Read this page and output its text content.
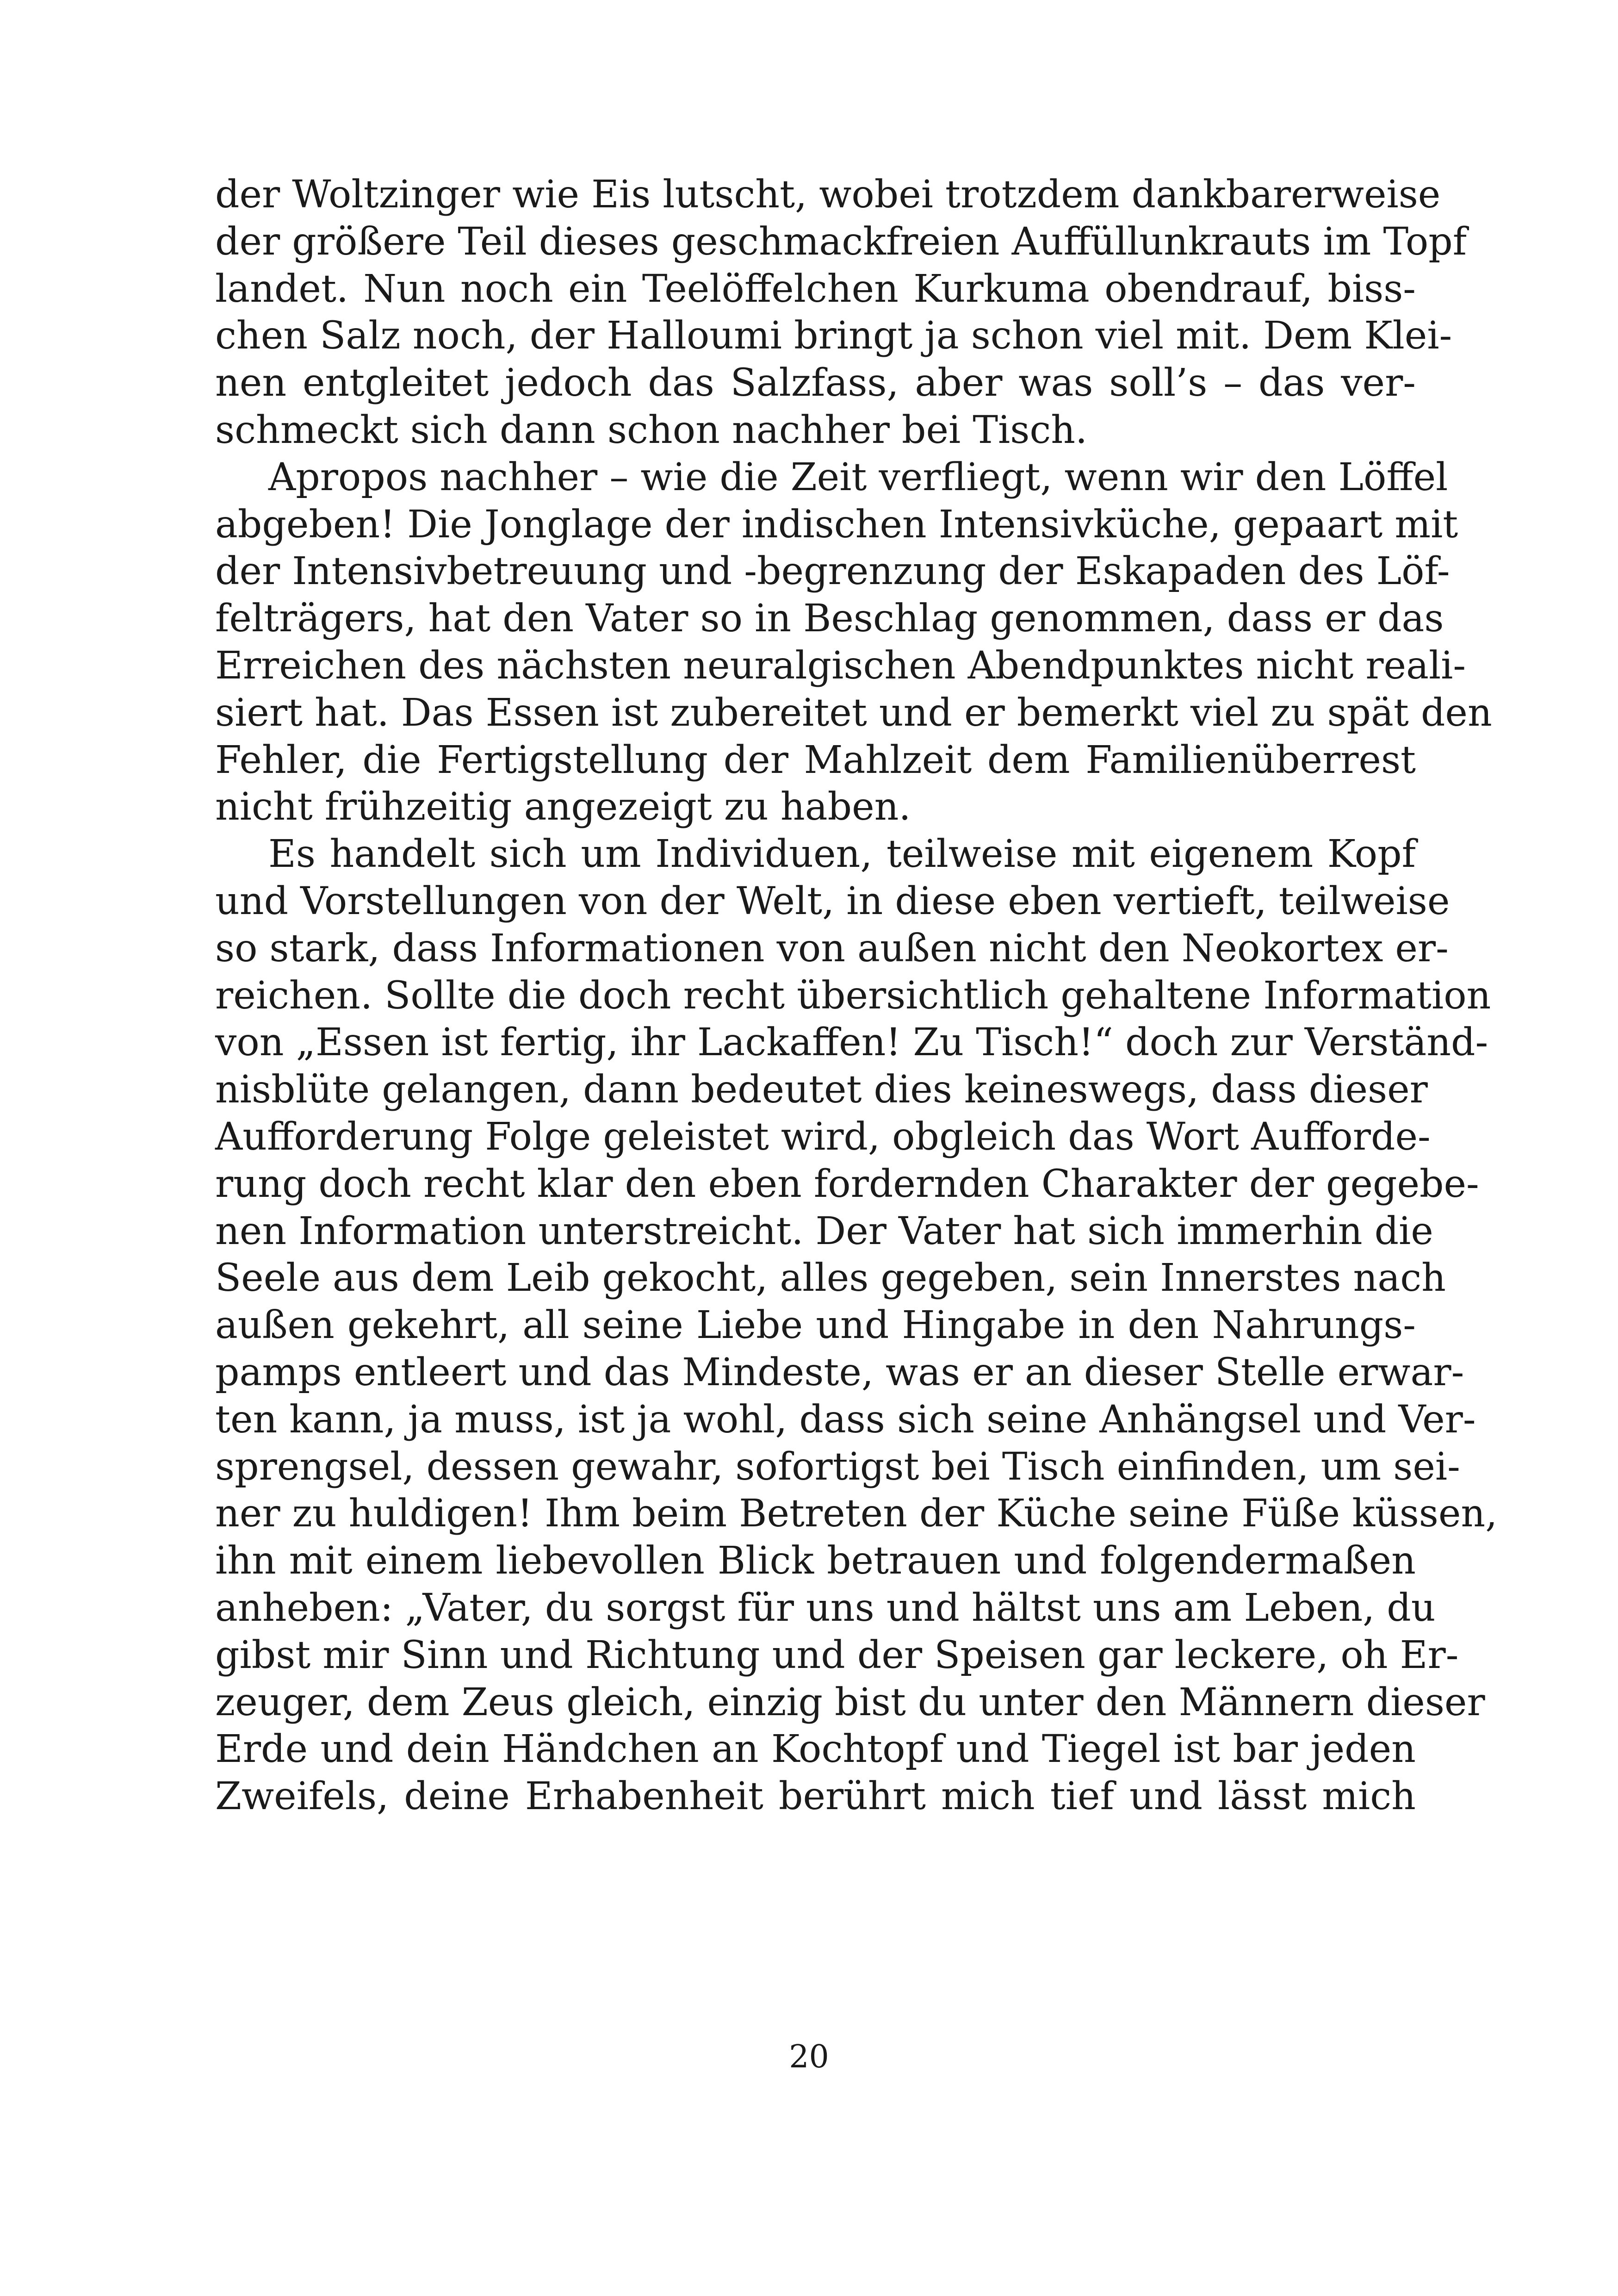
der Woltzinger wie Eis lutscht, wobei trotzdem dankbarerweise
der größere Teil dieses geschmackfreien Auffüllunkrauts im Topf
landet. Nun noch ein Teelöffelchen Kurkuma obendrauf, biss-
chen Salz noch, der Halloumi bringt ja schon viel mit. Dem Klei-
nen entgleitet jedoch das Salzfass, aber was soll’s – das ver-
schmeckt sich dann schon nachher bei Tisch.
Apropos nachher – wie die Zeit verfliegt, wenn wir den Löffel
abgeben! Die Jonglage der indischen Intensivküche, gepaart mit
der Intensivbetreuung und -begrenzung der Eskapaden des Löf-
felträgers, hat den Vater so in Beschlag genommen, dass er das
Erreichen des nächsten neuralgischen Abendpunktes nicht reali-
siert hat. Das Essen ist zubereitet und er bemerkt viel zu spät den
Fehler, die Fertigstellung der Mahlzeit dem Familienüberrest
nicht frühzeitig angezeigt zu haben.
Es handelt sich um Individuen, teilweise mit eigenem Kopf
und Vorstellungen von der Welt, in diese eben vertieft, teilweise
so stark, dass Informationen von außen nicht den Neokortex er-
reichen. Sollte die doch recht übersichtlich gehaltene Information
von „Essen ist fertig, ihr Lackaffen! Zu Tisch!“ doch zur Verständ-
nisblüte gelangen, dann bedeutet dies keineswegs, dass dieser
Aufforderung Folge geleistet wird, obgleich das Wort Aufforde-
rung doch recht klar den eben fordernden Charakter der gegebe-
nen Information unterstreicht. Der Vater hat sich immerhin die
Seele aus dem Leib gekocht, alles gegeben, sein Innerstes nach
außen gekehrt, all seine Liebe und Hingabe in den Nahrungs-
pamps entleert und das Mindeste, was er an dieser Stelle erwar-
ten kann, ja muss, ist ja wohl, dass sich seine Anhängsel und Ver-
sprengsel, dessen gewahr, sofortigst bei Tisch einfinden, um sei-
ner zu huldigen! Ihm beim Betreten der Küche seine Füße küssen,
ihn mit einem liebevollen Blick betrauen und folgendermaßen
anheben: „Vater, du sorgst für uns und hältst uns am Leben, du
gibst mir Sinn und Richtung und der Speisen gar leckere, oh Er-
zeuger, dem Zeus gleich, einzig bist du unter den Männern dieser
Erde und dein Händchen an Kochtopf und Tiegel ist bar jeden
Zweifels, deine Erhabenheit berührt mich tief und lässt mich
20
